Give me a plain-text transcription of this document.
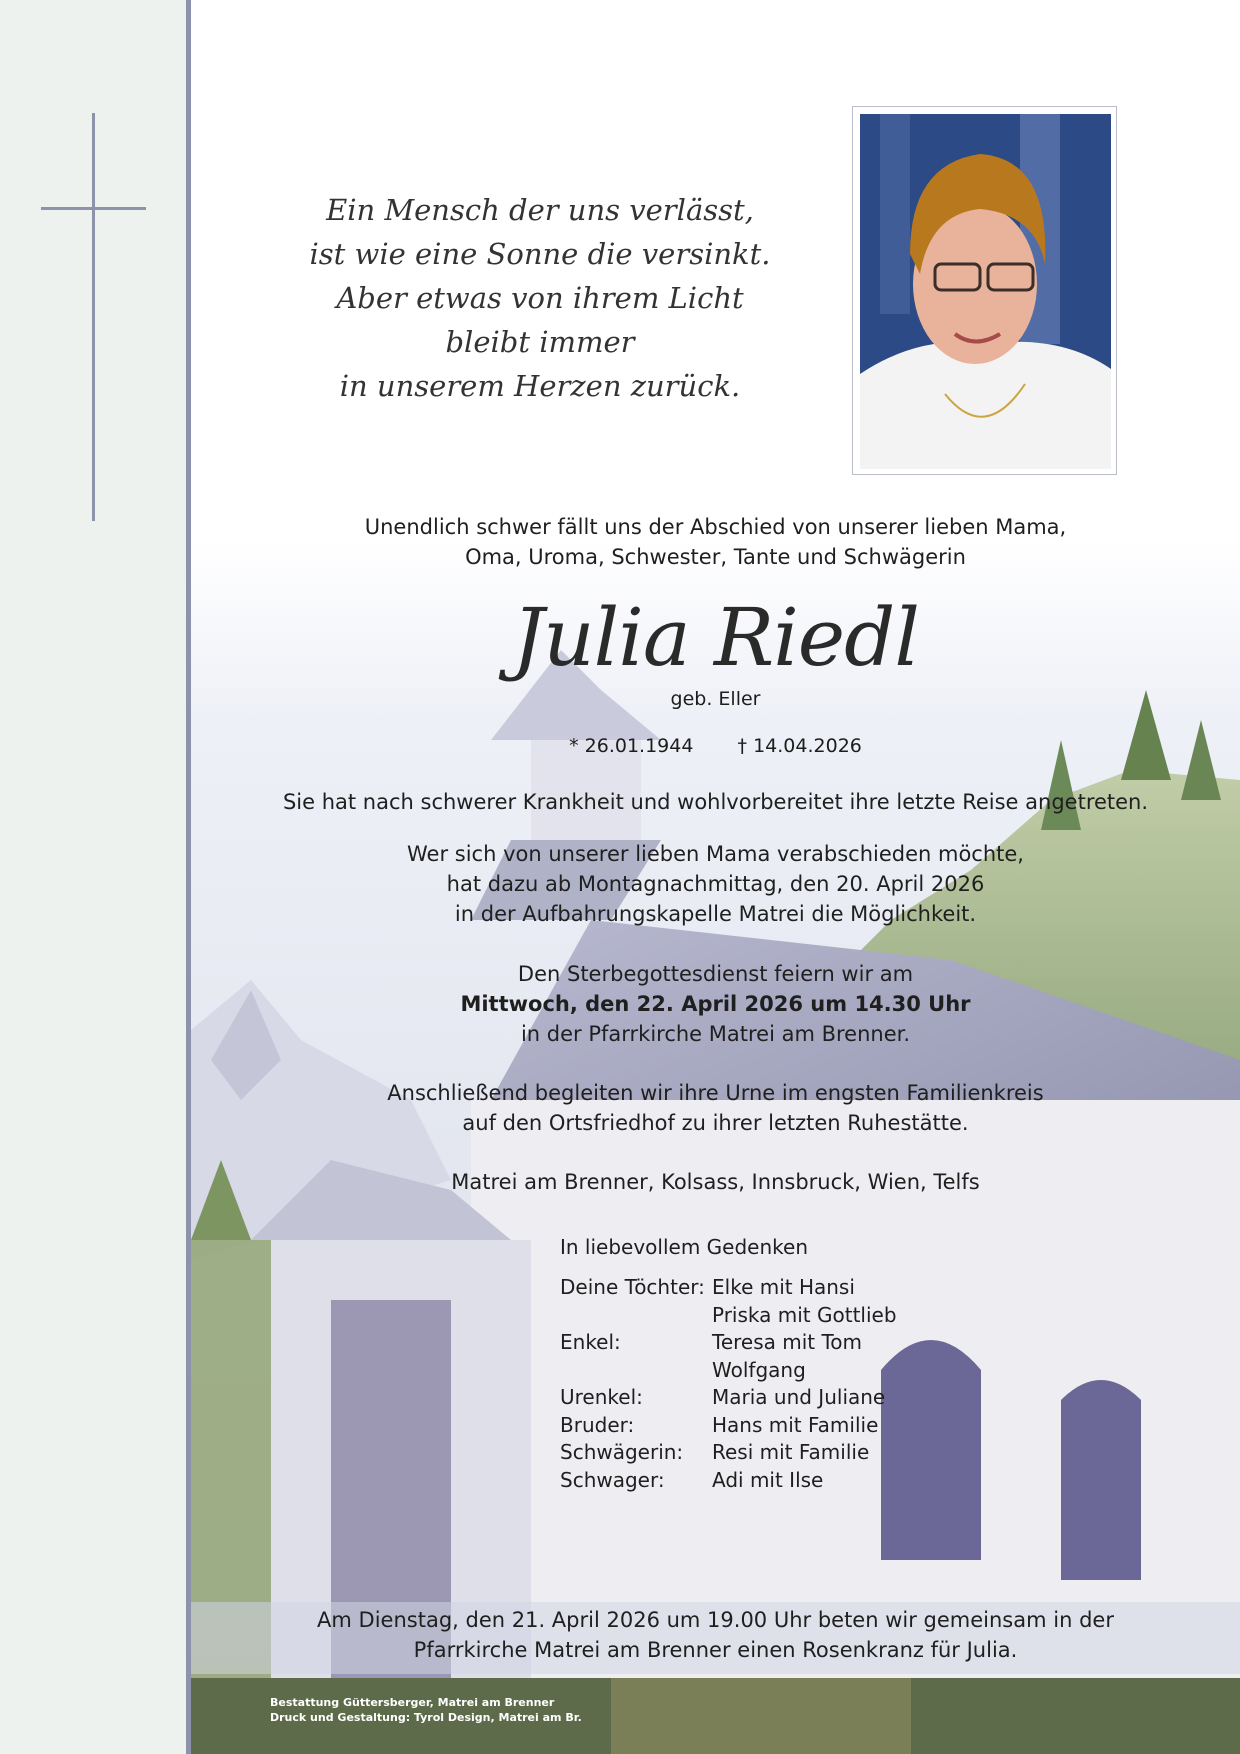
Ein Mensch der uns verlässt,
ist wie eine Sonne die versinkt.
Aber etwas von ihrem Licht
bleibt immer
in unserem Herzen zurück.
Unendlich schwer fällt uns der Abschied von unserer lieben Mama,
Oma, Uroma, Schwester, Tante und Schwägerin
Julia Riedl
geb. Eller
* 26.01.1944 † 14.04.2026
Sie hat nach schwerer Krankheit und wohlvorbereitet ihre letzte Reise angetreten.
Wer sich von unserer lieben Mama verabschieden möchte,
hat dazu ab Montagnachmittag, den 20. April 2026
in der Aufbahrungskapelle Matrei die Möglichkeit.
Den Sterbegottesdienst feiern wir am
Mittwoch, den 22. April 2026 um 14.30 Uhr
in der Pfarrkirche Matrei am Brenner.
Anschließend begleiten wir ihre Urne im engsten Familienkreis
auf den Ortsfriedhof zu ihrer letzten Ruhestätte.
Matrei am Brenner, Kolsass, Innsbruck, Wien, Telfs
In liebevollem Gedenken
Deine Töchter: Elke mit Hansi
Priska mit Gottlieb
Enkel:	Teresa mit Tom
Wolfgang
Urenkel:	Maria und Juliane
Bruder:	Hans mit Familie
Schwägerin: Resi mit Familie
Schwager: Adi mit Ilse
Am Dienstag, den 21. April 2026 um 19.00 Uhr beten wir gemeinsam in der
Pfarrkirche Matrei am Brenner einen Rosenkranz für Julia.
Bestattung Güttersberger, Matrei am Brenner
Druck und Gestaltung: Tyrol Design, Matrei am Br.
